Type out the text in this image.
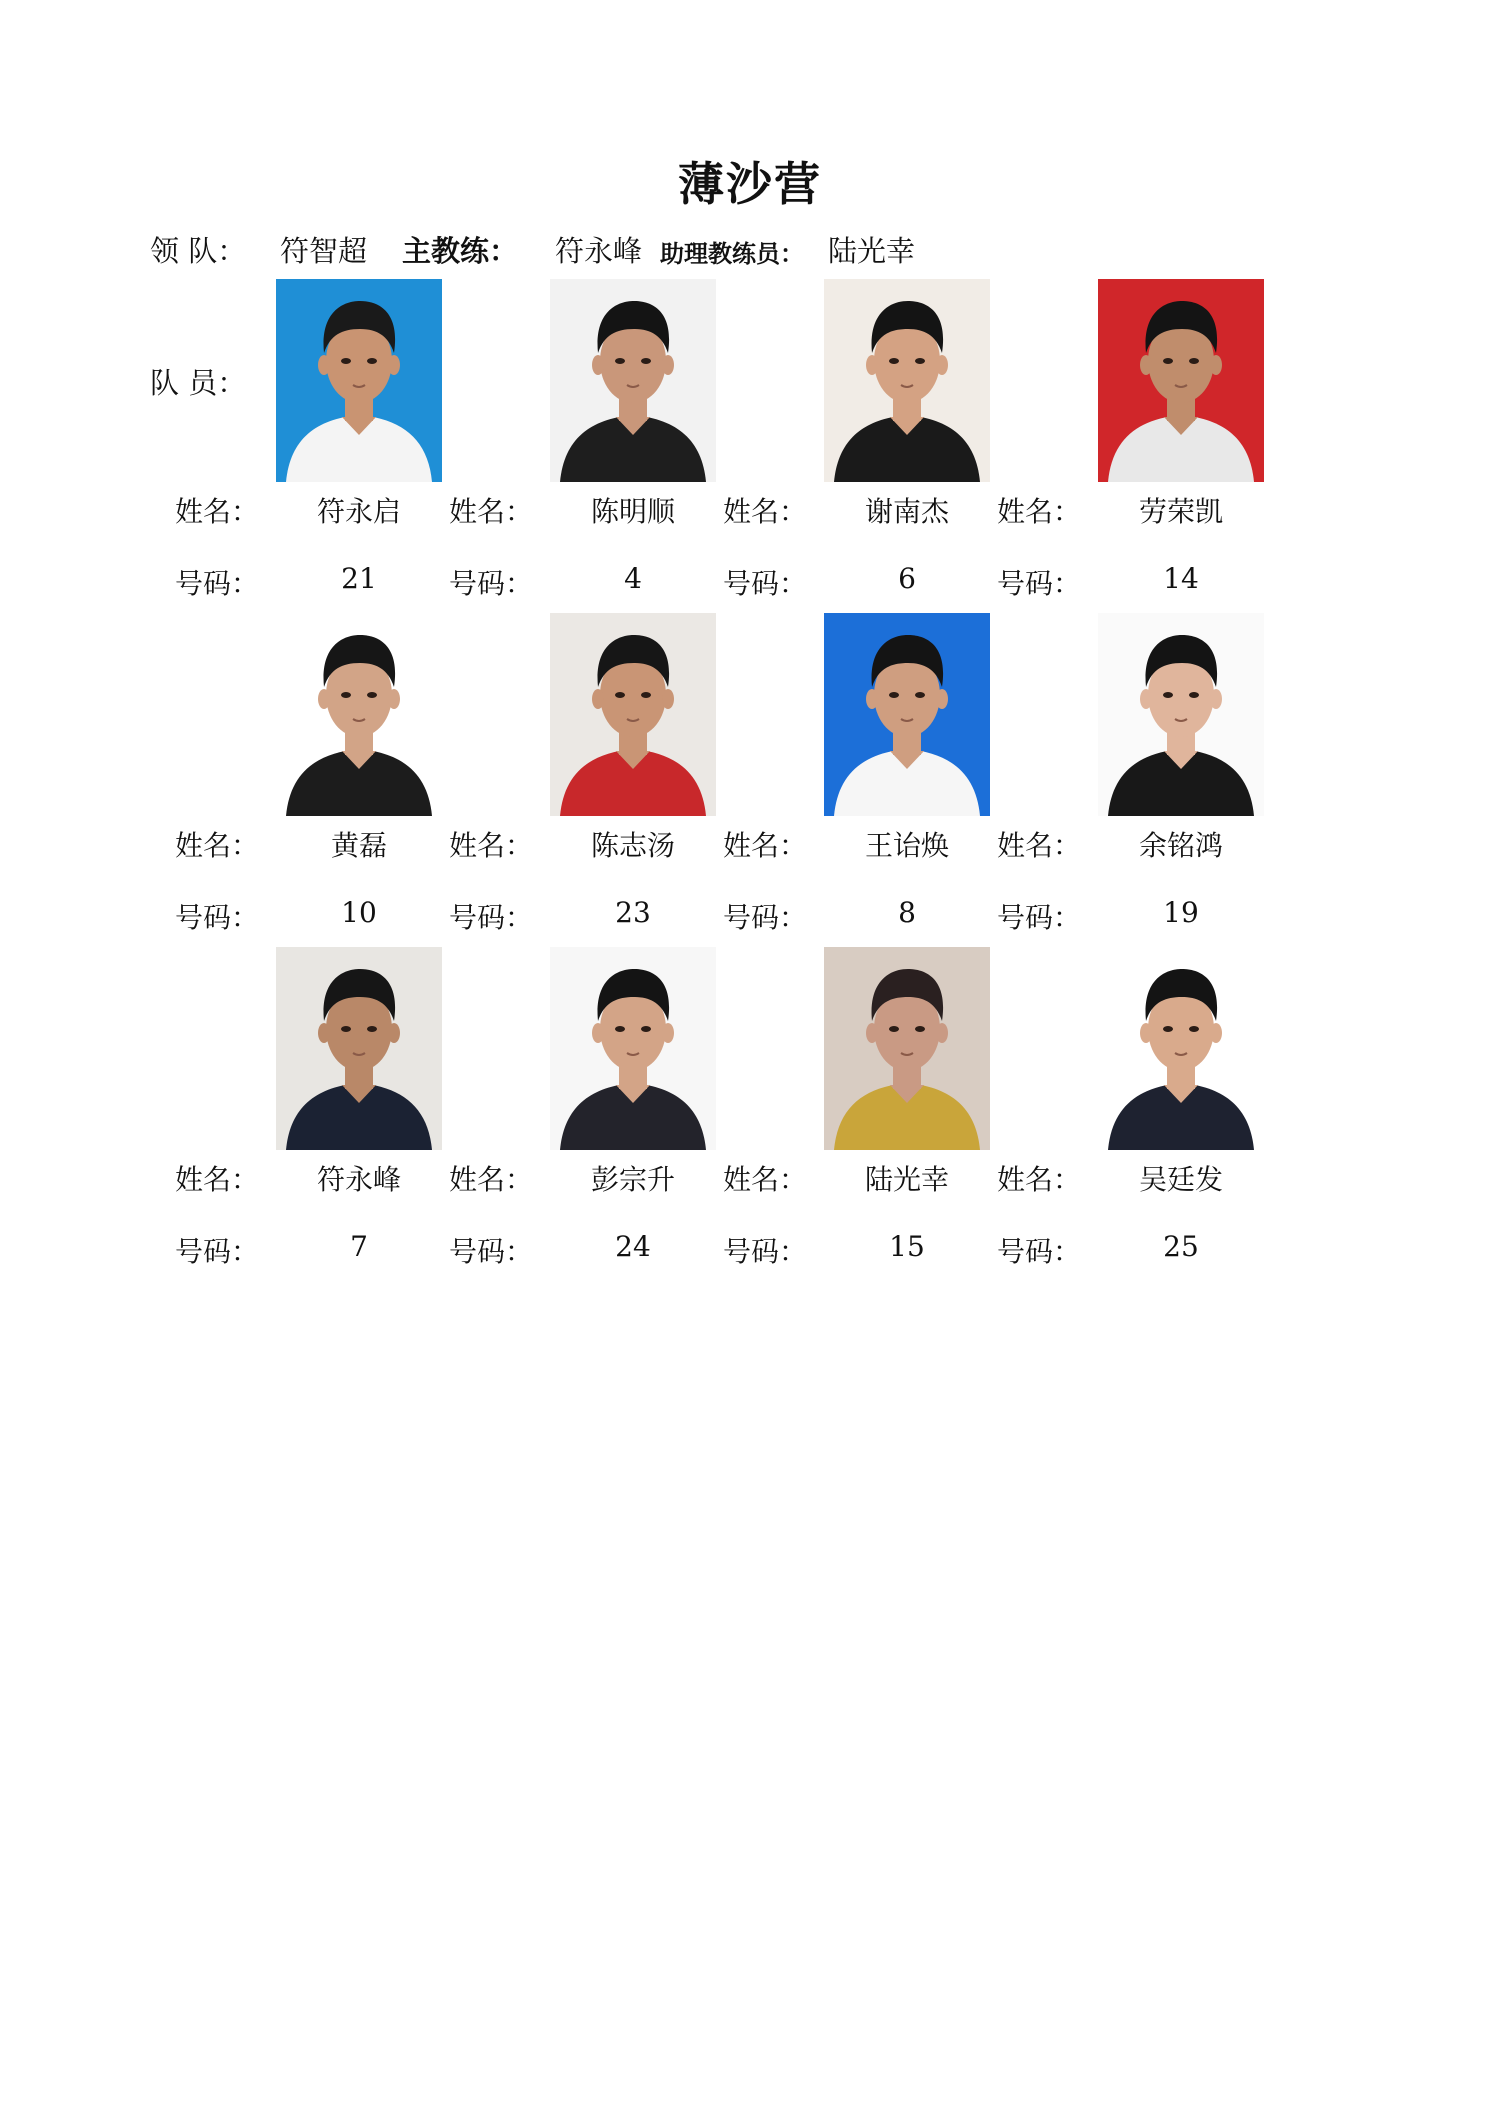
薄沙营
领 队： 符智超 主教练： 符永峰 助理教练员： 陆光幸
队 员：
姓名：	符永启
号码：	21
姓名：	陈明顺
号码：	4
姓名：	谢南杰
号码：	6
姓名：	劳荣凯
号码：	14
姓名：	黄磊
号码：	10
姓名：	陈志汤
号码：	23
姓名：	王诒焕
号码：	8
姓名：	余铭鸿
号码：	19
姓名：	符永峰
号码：	7
姓名：	彭宗升
号码：	24
姓名：	陆光幸
号码：	15
姓名：	吴廷发
号码：	25
